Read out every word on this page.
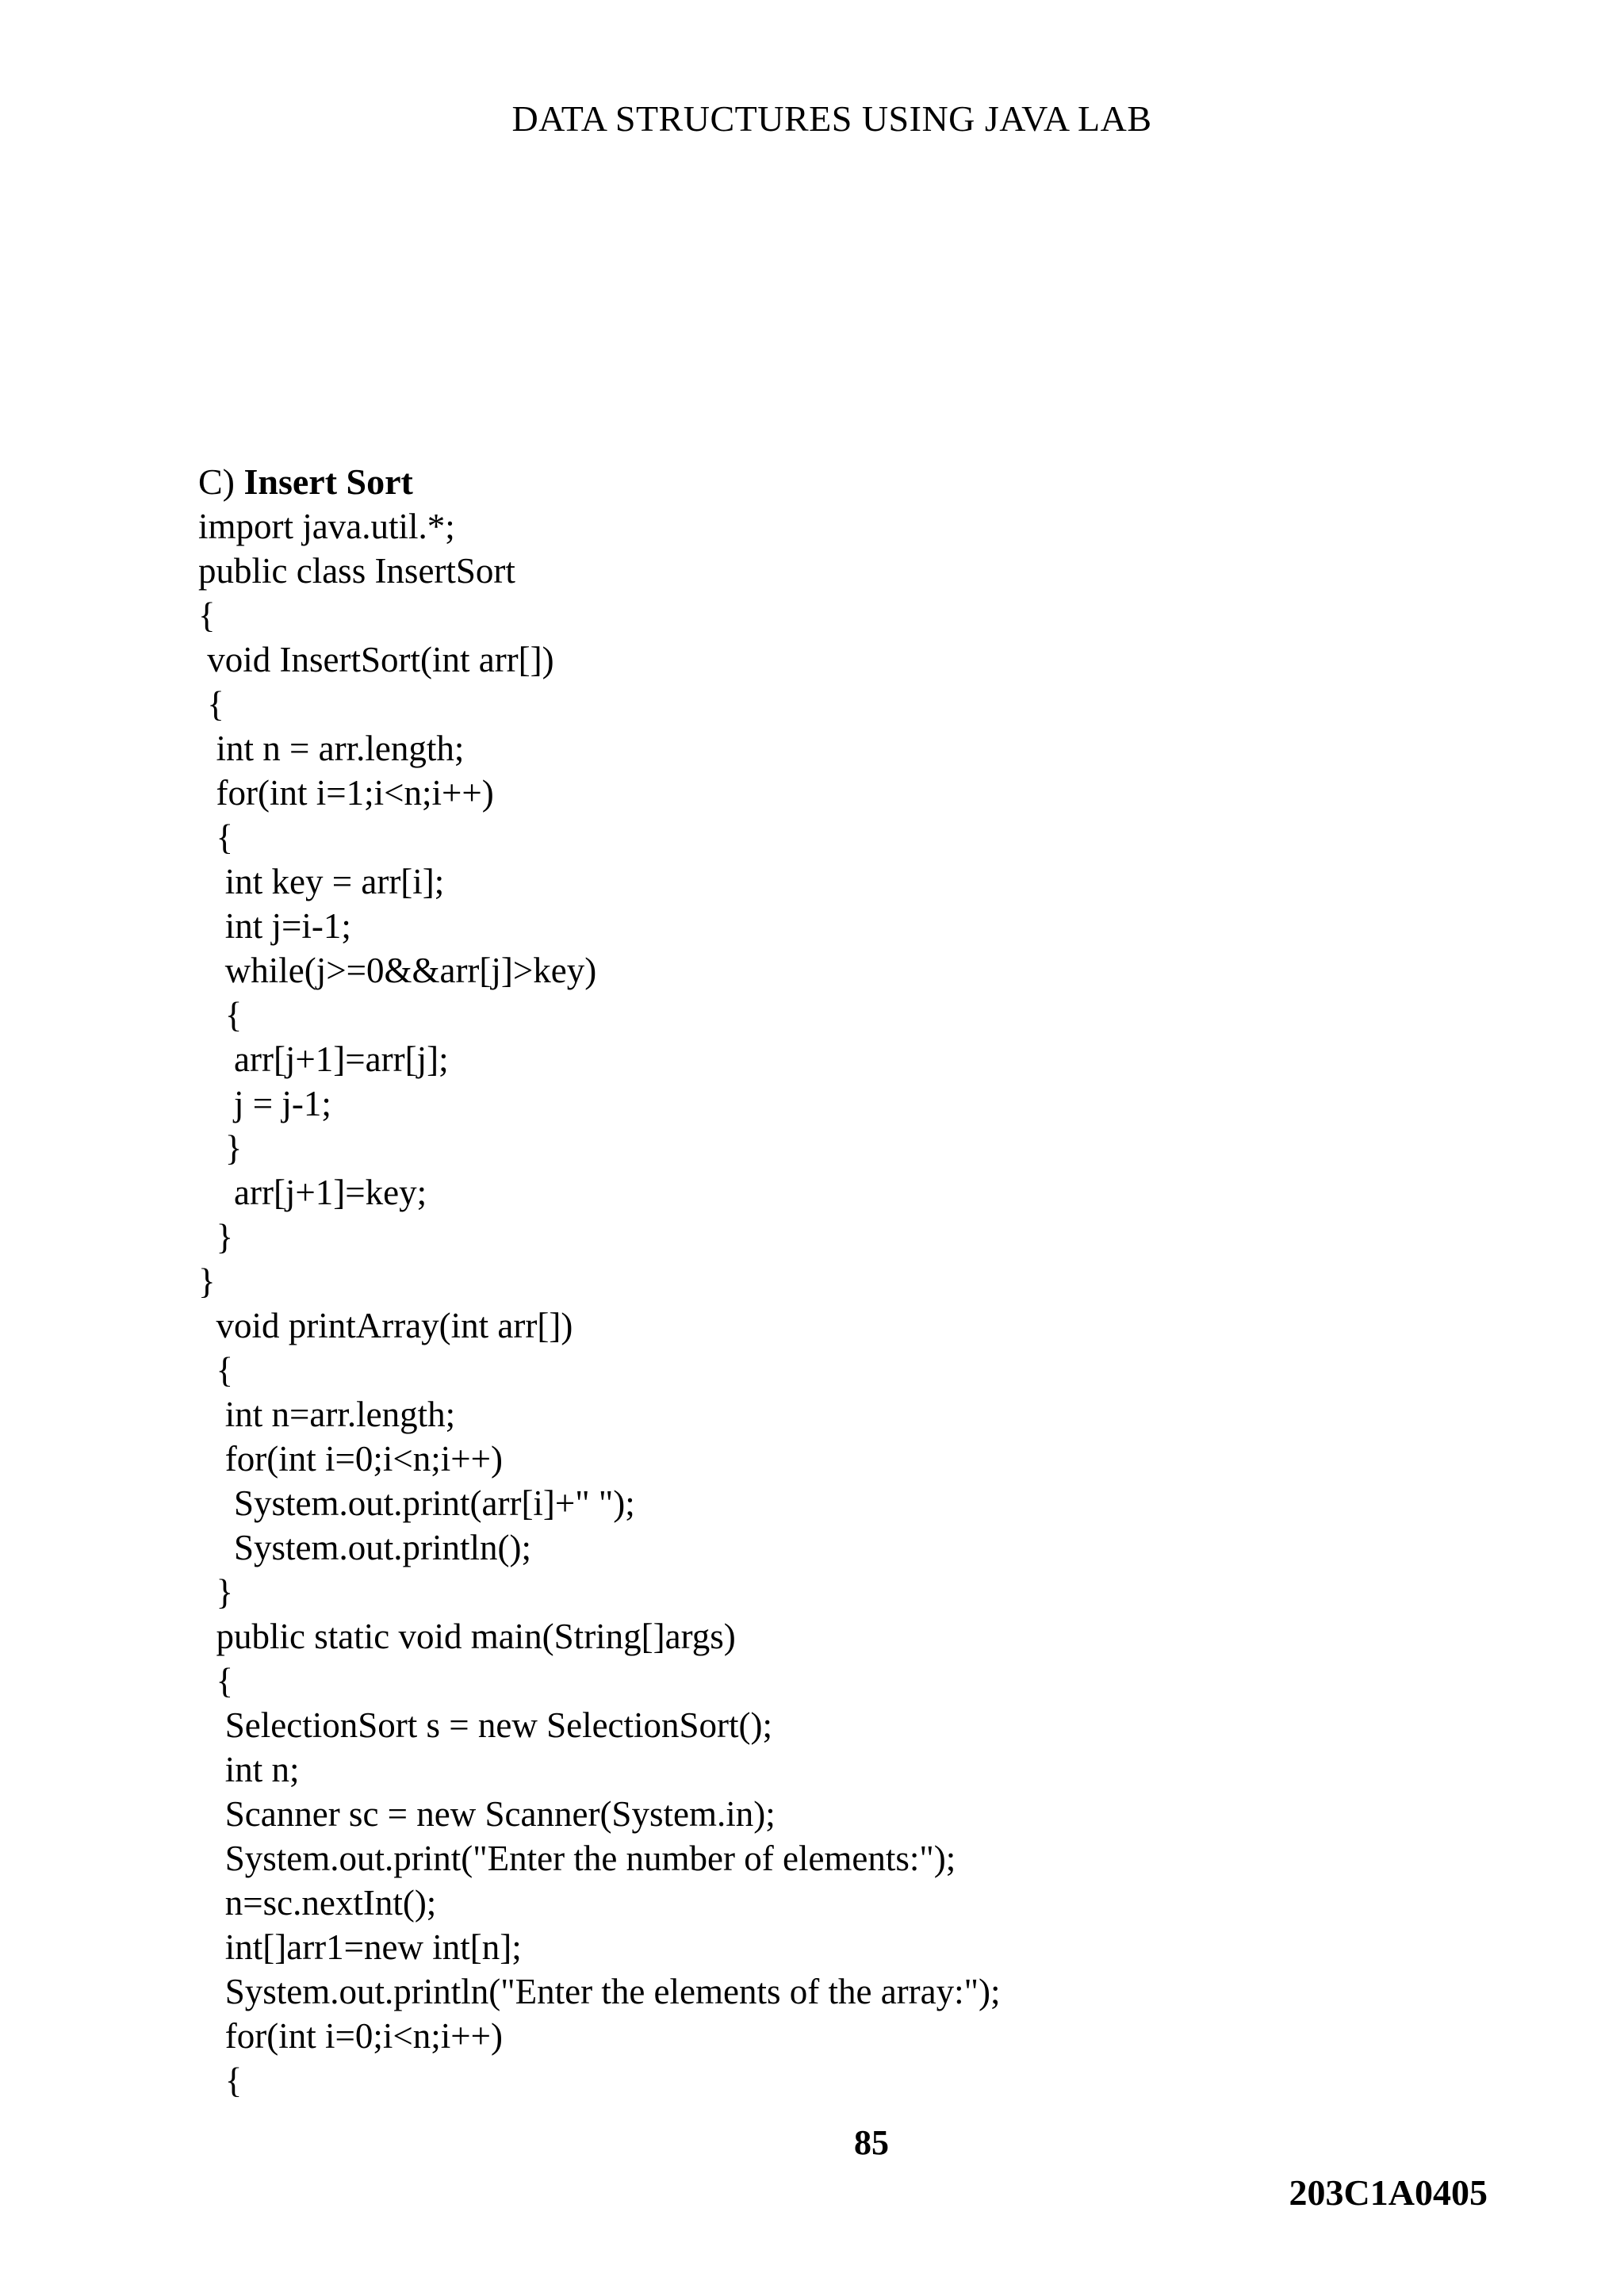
DATA STRUCTURES USING JAVA LAB
C) Insert Sort
import java.util.*;
public class InsertSort
{
void InsertSort(int arr[])
{
int n = arr.length;
for(int i=1;i<n;i++)
{
int key = arr[i];
int j=i-1;
while(j>=0&&arr[j]>key)
{
arr[j+1]=arr[j];
j = j-1;
}
arr[j+1]=key;
}
}
void printArray(int arr[])
{
int n=arr.length;
for(int i=0;i<n;i++)
System.out.print(arr[i]+" ");
System.out.println();
}
public static void main(String[]args)
{
SelectionSort s = new SelectionSort();
int n;
Scanner sc = new Scanner(System.in);
System.out.print("Enter the number of elements:");
n=sc.nextInt();
int[]arr1=new int[n];
System.out.println("Enter the elements of the array:");
for(int i=0;i<n;i++)
{
85
203C1A0405
